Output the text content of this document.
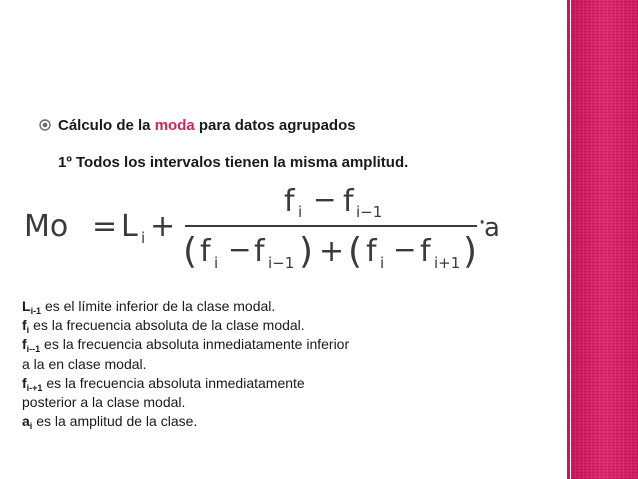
Cálculo de la moda para datos agrupados
1º Todos los intervalos tienen la misma amplitud.
Mo = L i +
f i − f i−1
( f i − f i−1 ) + ( f i − f i+1 )
·
a
$L_{i-1}$ es el límite inferior de la clase modal.
$f_i$ es la frecuencia absoluta de la clase modal.
$f_{i--1}$ es la frecuencia absoluta inmediatamente inferior a la en clase modal.
$f_{i-+1}$ es la frecuencia absoluta inmediatamente posterior a la clase modal.
$a_i$ es la amplitud de la clase.
